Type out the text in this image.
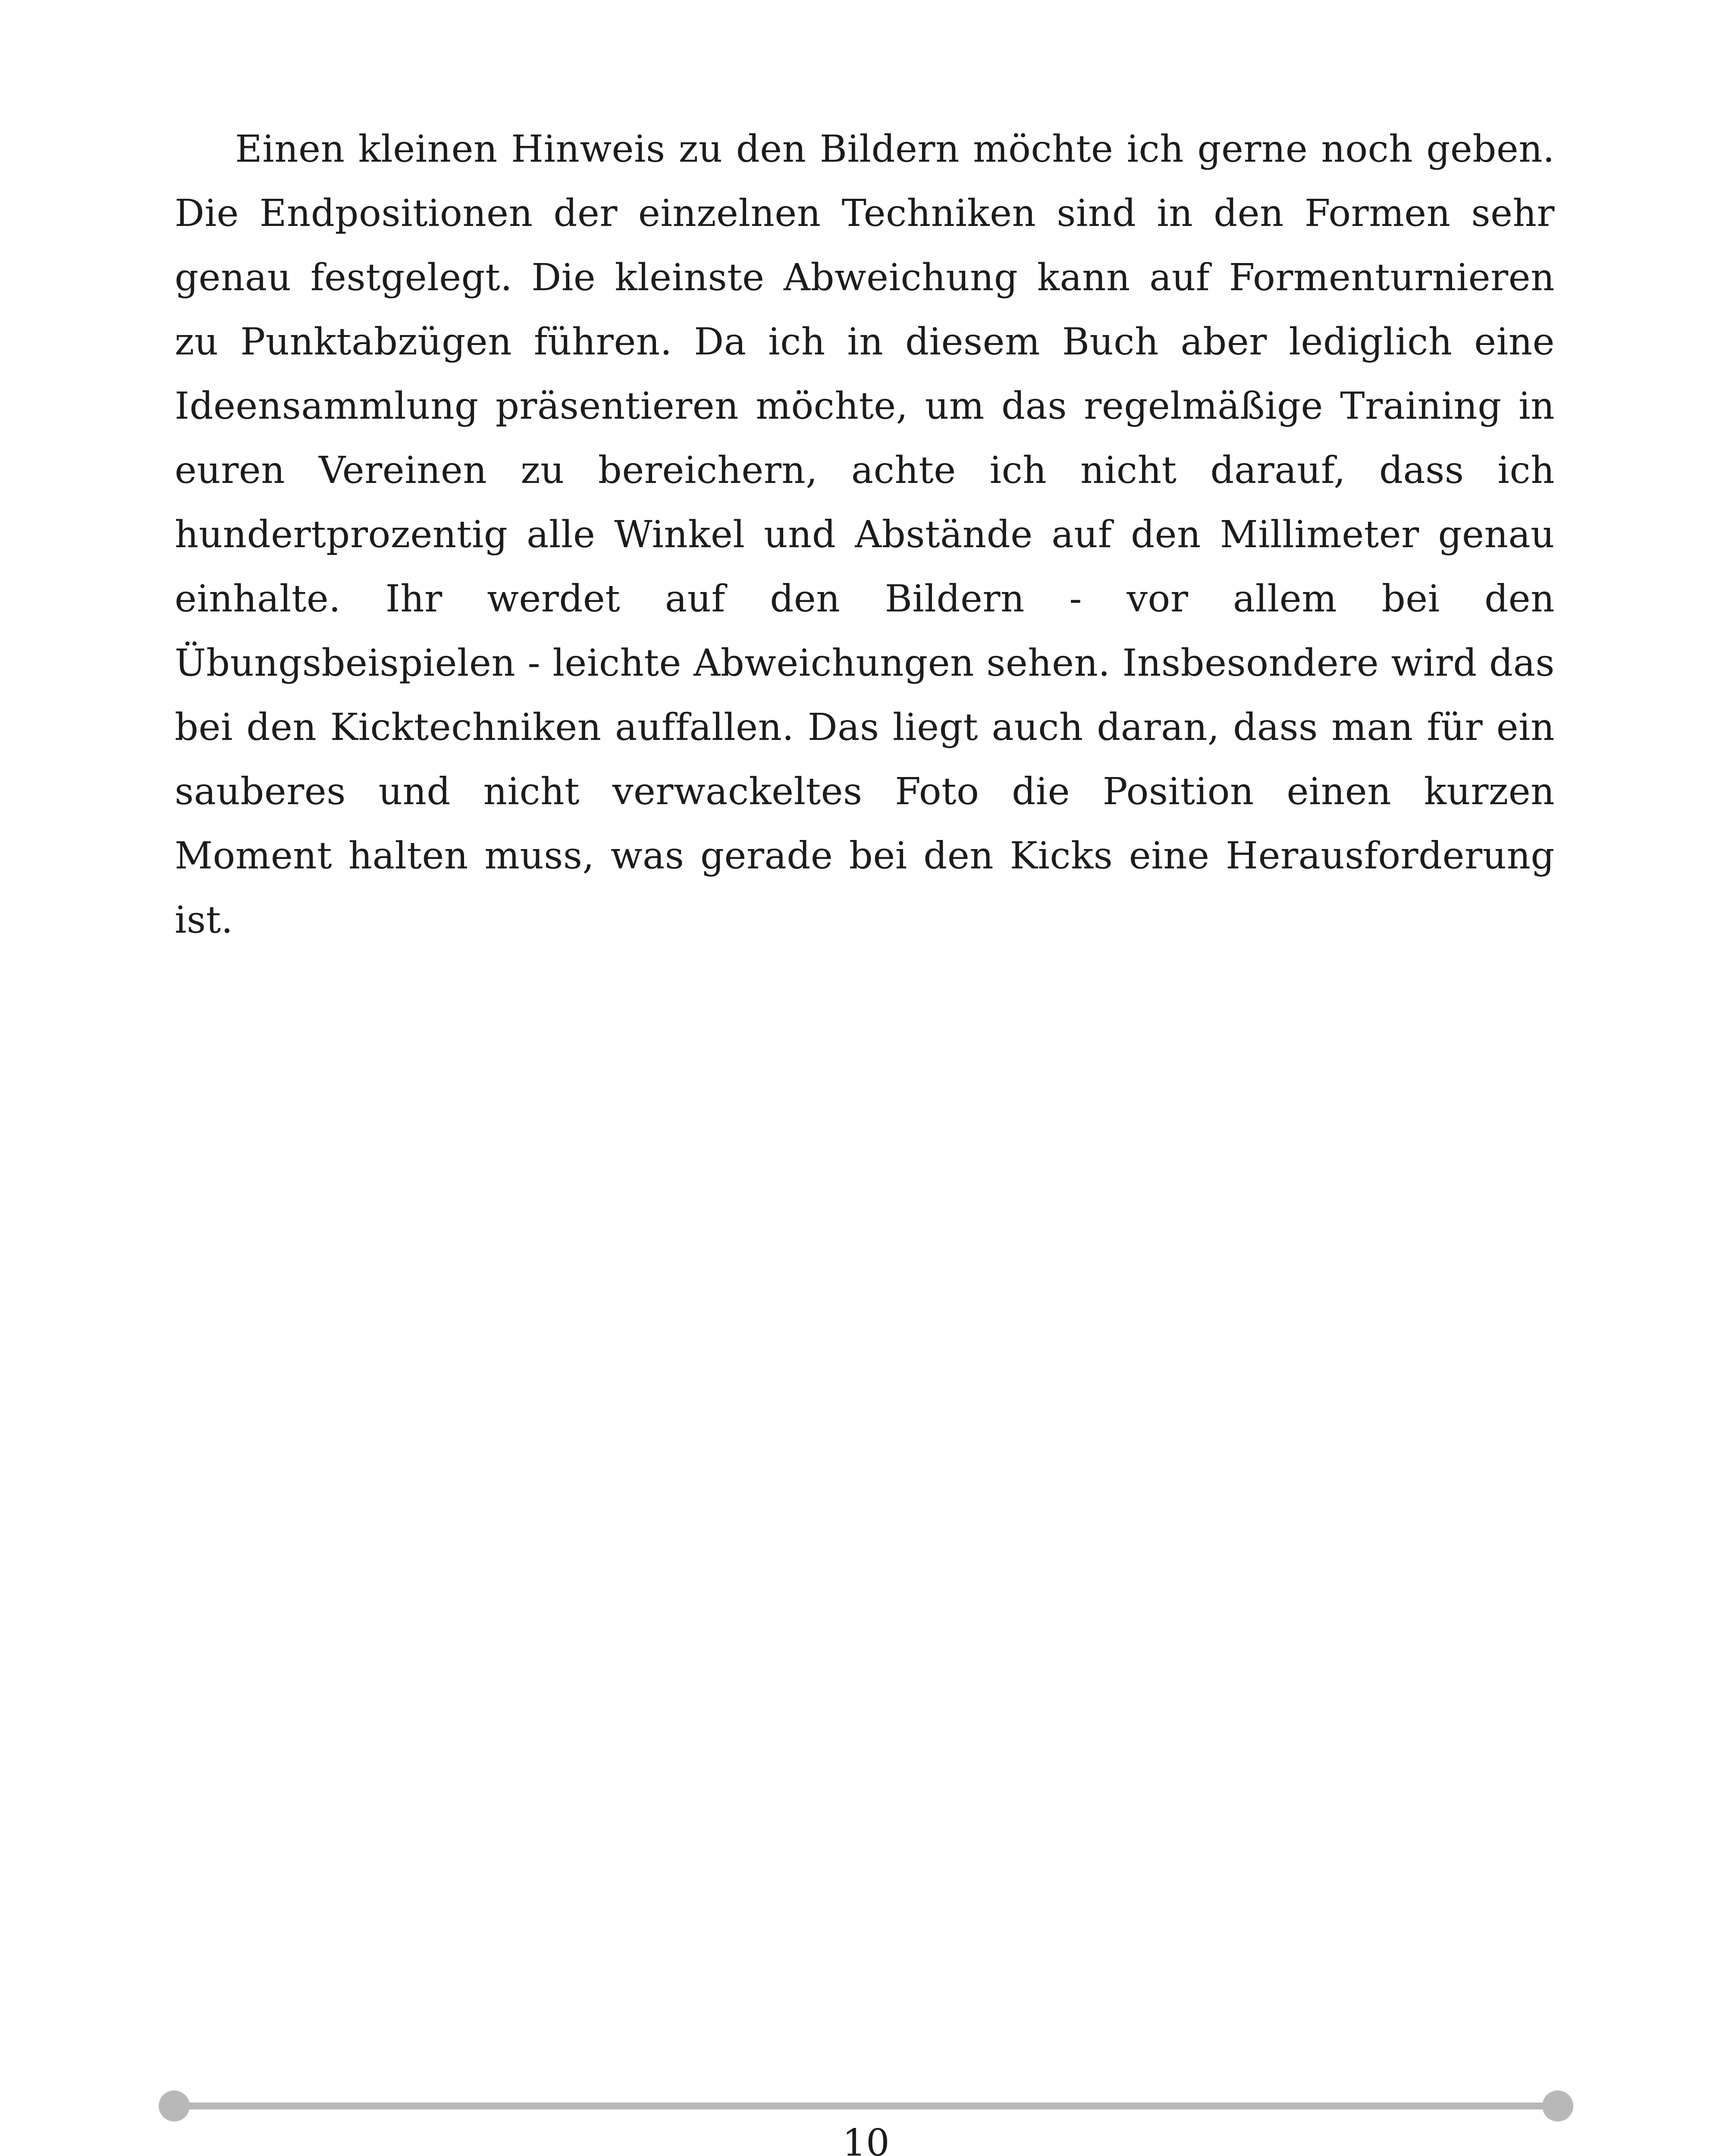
Einen kleinen Hinweis zu den Bildern möchte ich gerne noch geben. Die Endpositionen der einzelnen Techniken sind in den Formen sehr genau festgelegt. Die kleinste Abweichung kann auf Formenturnieren zu Punktabzügen führen. Da ich in diesem Buch aber lediglich eine Ideensammlung präsentieren möchte, um das regelmäßige Training in euren Vereinen zu bereichern, achte ich nicht darauf, dass ich hundertprozentig alle Winkel und Abstände auf den Millimeter genau einhalte. Ihr werdet auf den Bildern - vor allem bei den Übungsbeispielen - leichte Abweichungen sehen. Insbesondere wird das bei den Kicktechniken auffallen. Das liegt auch daran, dass man für ein sauberes und nicht verwackeltes Foto die Position einen kurzen Moment halten muss, was gerade bei den Kicks eine Herausforderung ist.

10
